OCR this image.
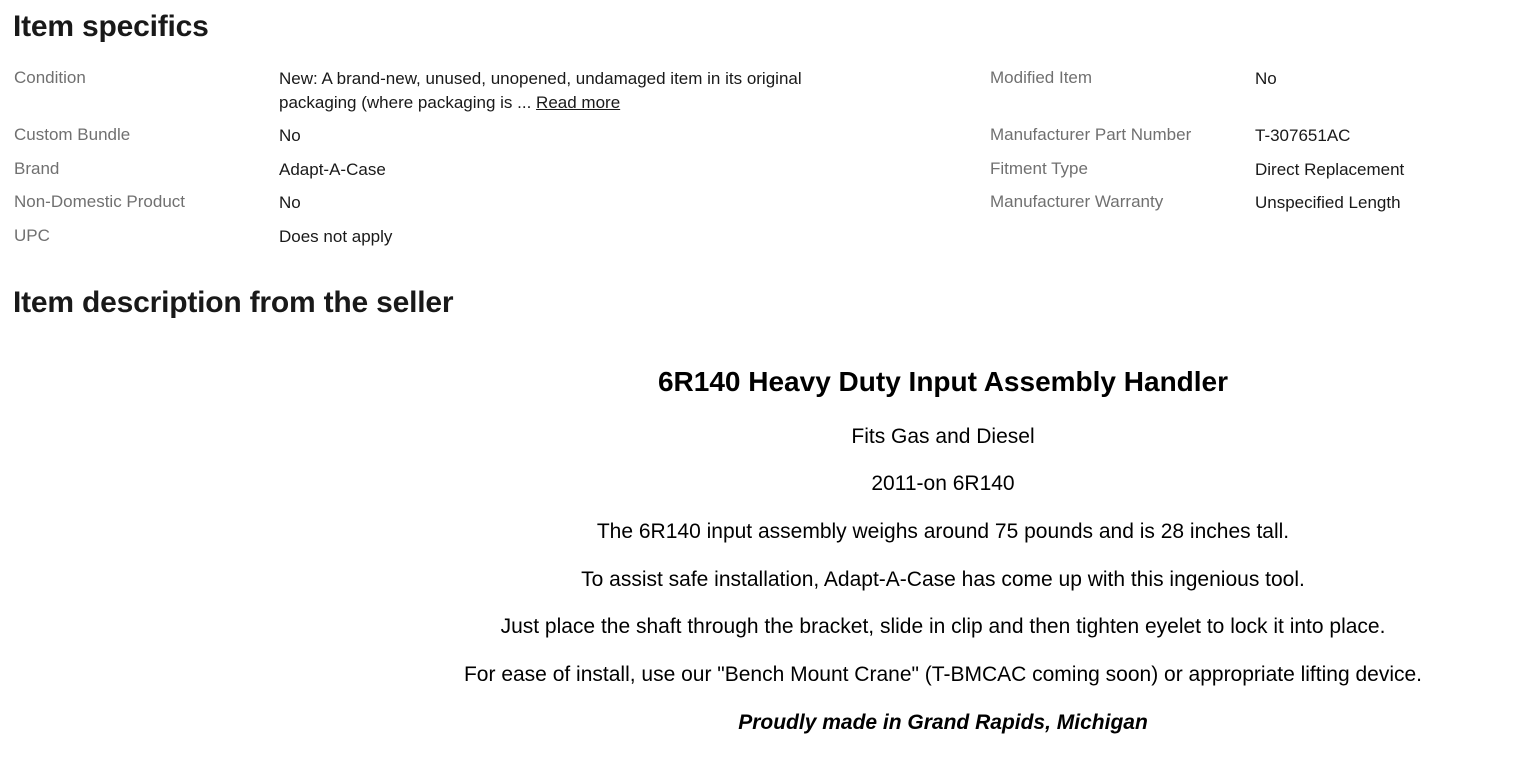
Item specifics
Condition	New: A brand-new, unused, unopened, undamaged item in its original packaging (where packaging is ... Read more
Custom Bundle	No
Brand	Adapt-A-Case
Non-Domestic Product	No
UPC	Does not apply
Modified Item	No
Manufacturer Part Number	T-307651AC
Fitment Type	Direct Replacement
Manufacturer Warranty	Unspecified Length
Item description from the seller
6R140 Heavy Duty Input Assembly Handler
Fits Gas and Diesel
2011-on 6R140
The 6R140 input assembly weighs around 75 pounds and is 28 inches tall.
To assist safe installation, Adapt-A-Case has come up with this ingenious tool.
Just place the shaft through the bracket, slide in clip and then tighten eyelet to lock it into place.
For ease of install, use our "Bench Mount Crane" (T-BMCAC coming soon) or appropriate lifting device.
Proudly made in Grand Rapids, Michigan
